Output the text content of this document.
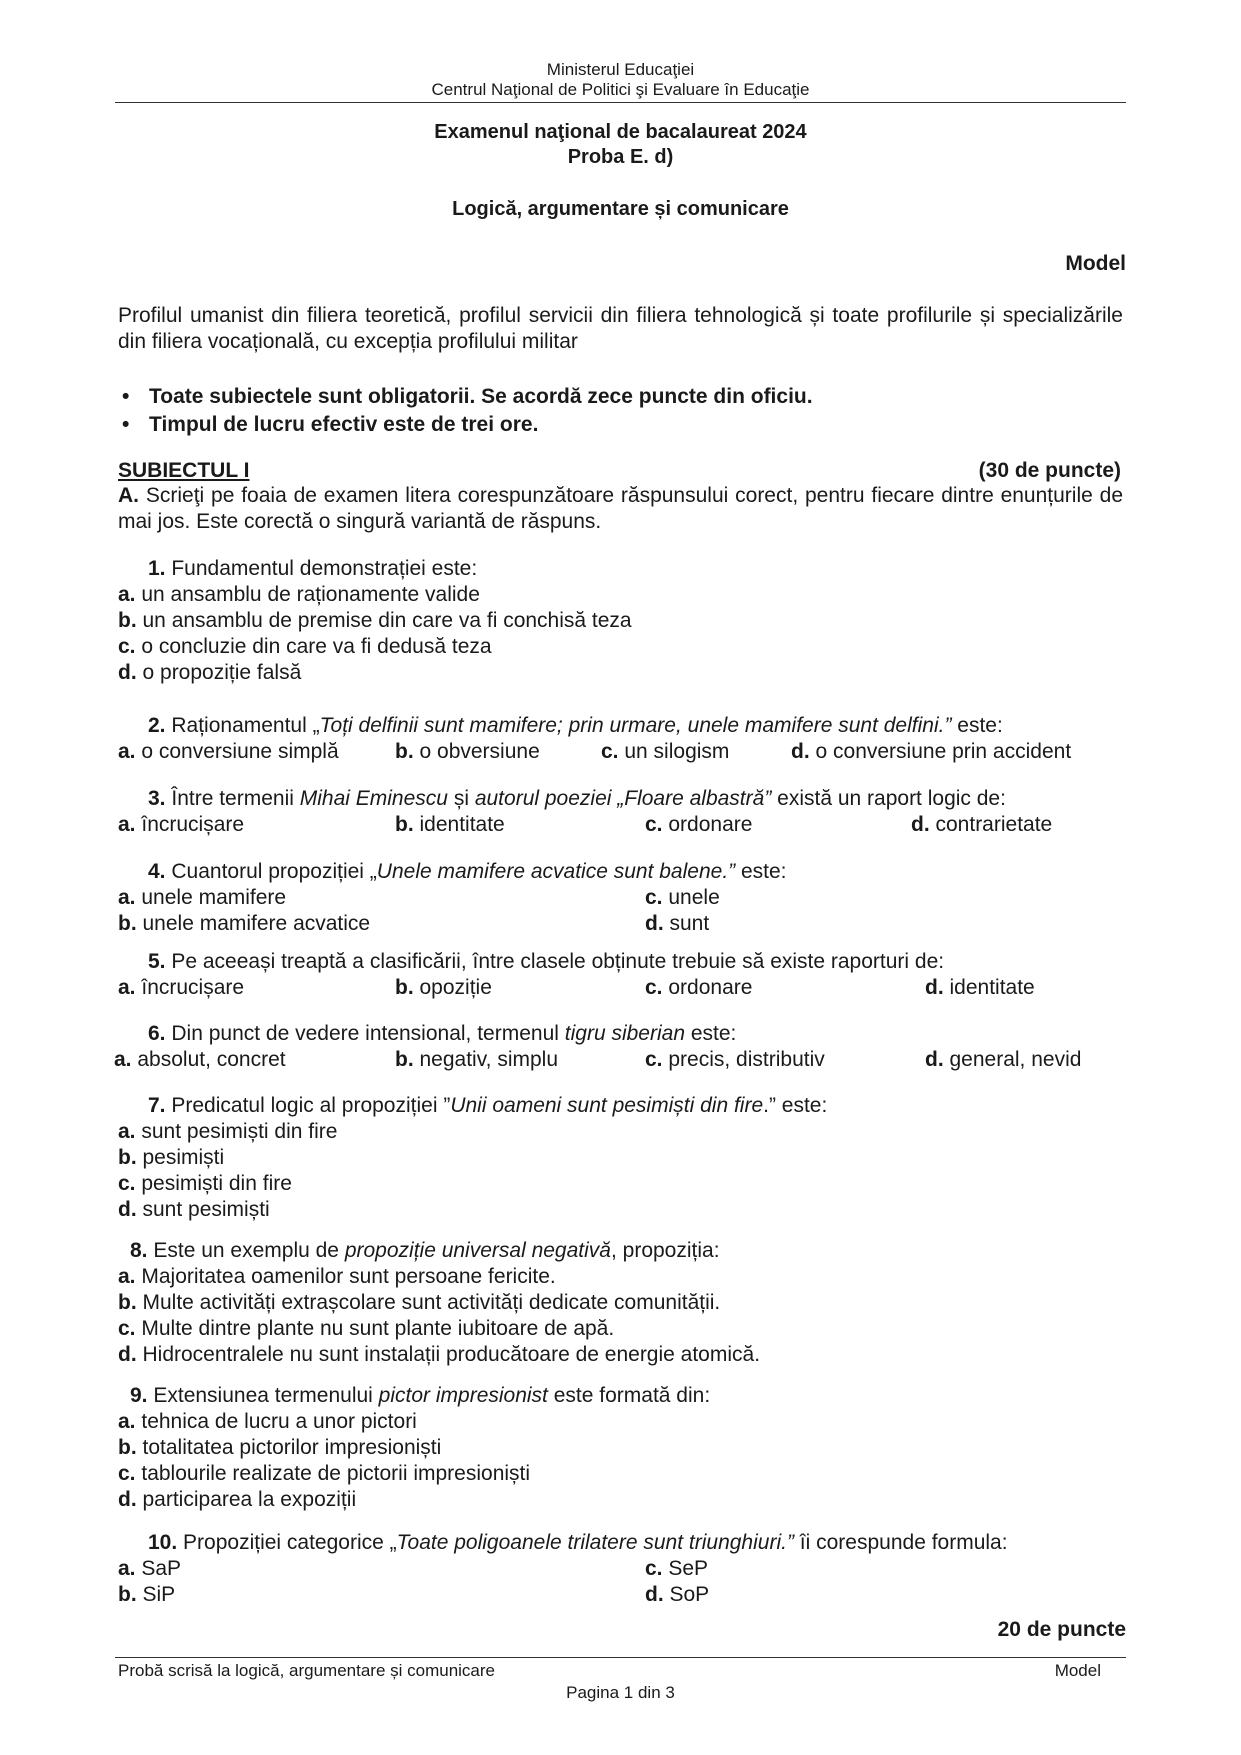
Ministerul Educaţiei
Centrul Naţional de Politici şi Evaluare în Educaţie
Examenul naţional de bacalaureat 2024
Proba E. d)
Logică, argumentare și comunicare
Model
Profilul umanist din filiera teoretică, profilul servicii din filiera tehnologică și toate profilurile și specializările din filiera vocațională, cu excepția profilului militar
• Toate subiectele sunt obligatorii. Se acordă zece puncte din oficiu.
• Timpul de lucru efectiv este de trei ore.
SUBIECTUL I	(30 de puncte)
A. Scrieţi pe foaia de examen litera corespunzătoare răspunsului corect, pentru fiecare dintre enunțurile de mai jos. Este corectă o singură variantă de răspuns.
1. Fundamentul demonstrației este:
a. un ansamblu de raționamente valide
b. un ansamblu de premise din care va fi conchisă teza
c. o concluzie din care va fi dedusă teza
d. o propoziție falsă
2. Raționamentul „Toți delfinii sunt mamifere; prin urmare, unele mamifere sunt delfini.” este:
a. o conversiune simplă	b. o obversiune	c. un silogism	d. o conversiune prin accident
3. Între termenii Mihai Eminescu și autorul poeziei „Floare albastră” există un raport logic de:
a. încrucișare	b. identitate	c. ordonare	d. contrarietate
4. Cuantorul propoziției „Unele mamifere acvatice sunt balene.” este:
a. unele mamifere	c. unele
b. unele mamifere acvatice	d. sunt
5. Pe aceeași treaptă a clasificării, între clasele obținute trebuie să existe raporturi de:
a. încrucișare	b. opoziție	c. ordonare	d. identitate
6. Din punct de vedere intensional, termenul tigru siberian este:
a. absolut, concret	b. negativ, simplu	c. precis, distributiv	d. general, nevid
7. Predicatul logic al propoziției ”Unii oameni sunt pesimiști din fire.” este:
a. sunt pesimiști din fire
b. pesimiști
c. pesimiști din fire
d. sunt pesimiști
8. Este un exemplu de propoziție universal negativă, propoziția:
a. Majoritatea oamenilor sunt persoane fericite.
b. Multe activități extrașcolare sunt activități dedicate comunității.
c. Multe dintre plante nu sunt plante iubitoare de apă.
d. Hidrocentralele nu sunt instalații producătoare de energie atomică.
9. Extensiunea termenului pictor impresionist este formată din:
a. tehnica de lucru a unor pictori
b. totalitatea pictorilor impresioniști
c. tablourile realizate de pictorii impresioniști
d. participarea la expoziții
10. Propoziției categorice „Toate poligoanele trilatere sunt triunghiuri.” îi corespunde formula:
a. SaP	c. SeP
b. SiP	d. SoP
20 de puncte
Probă scrisă la logică, argumentare și comunicare	Model
Pagina 1 din 3
